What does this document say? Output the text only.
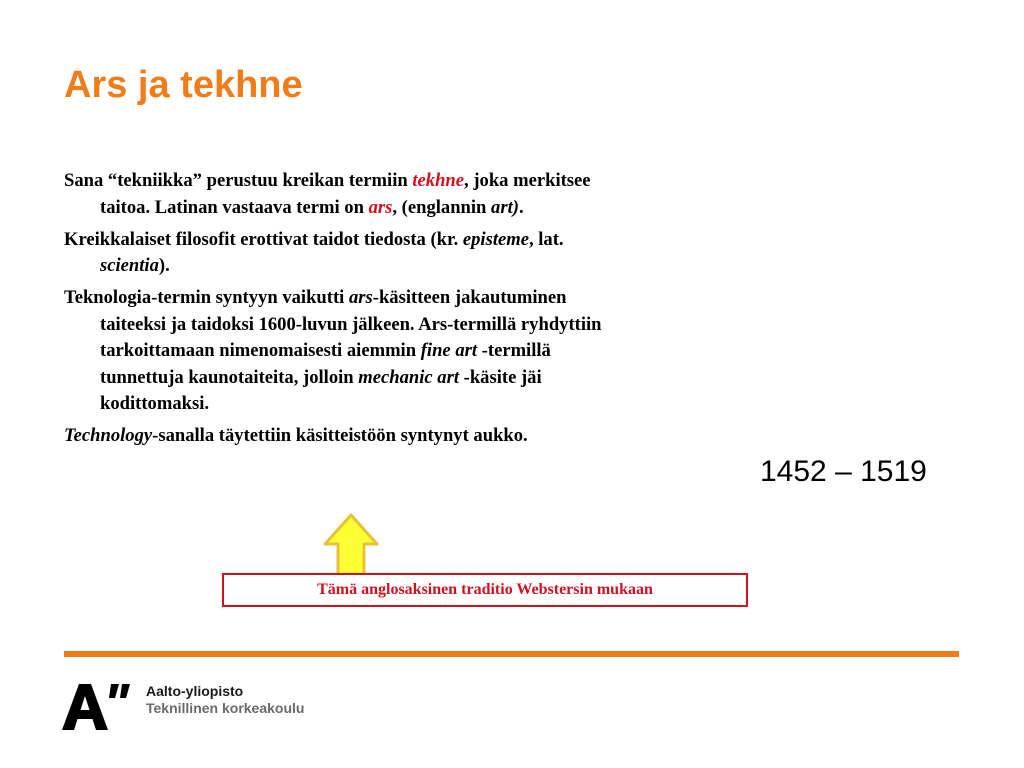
Ars ja tekhne

Sana “tekniikka” perustuu kreikan termiin tekhne, joka merkitsee taitoa. Latinan vastaava termi on ars, (englannin art).

Kreikkalaiset filosofit erottivat taidot tiedosta (kr. episteme, lat. scientia).

Teknologia-termin syntyyn vaikutti ars-käsitteen jakautuminen taiteeksi ja taidoksi 1600-luvun jälkeen. Ars-termillä ryhdyttiin tarkoittamaan nimenomaisesti aiemmin fine art -termillä tunnettuja kaunotaiteita, jolloin mechanic art -käsite jäi kodittomaksi.

Technology-sanalla täytettiin käsitteistöön syntynyt aukko.

1452 – 1519
Tämä anglosaksinen traditio Webstersin mukaan
Aalto-yliopisto
Teknillinen korkeakoulu
